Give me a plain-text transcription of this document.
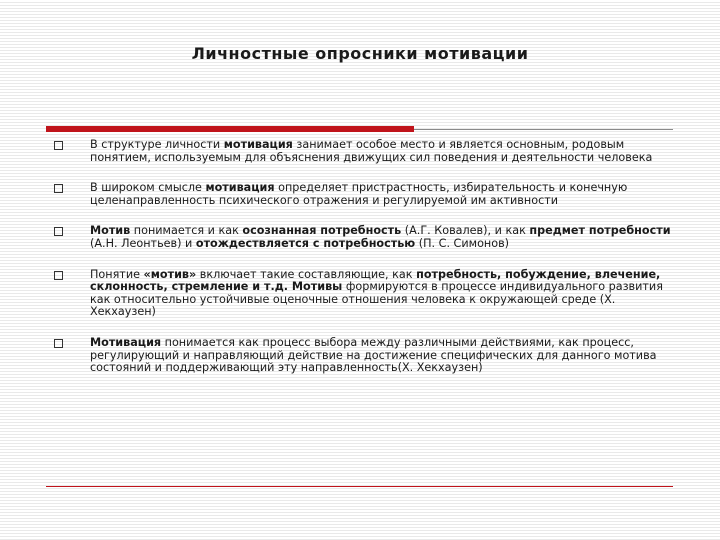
Личностные опросники мотивации
В структуре личности мотивация занимает особое место и является основным, родовым понятием, используемым для объяснения движущих сил поведения и деятельности человека
В широком смысле мотивация определяет пристрастность, избирательность и конечную целенаправленность психического отражения и регулируемой им активности
Мотив понимается и как осознанная потребность (А.Г. Ковалев), и как предмет потребности (А.Н. Леонтьев) и отождествляется с потребностью (П. С. Симонов)
Понятие «мотив» включает такие составляющие, как потребность, побуждение, влечение, склонность, стремление и т.д. Мотивы формируются в процессе индивидуального развития как относительно устойчивые оценочные отношения человека к окружающей среде (Х. Хекхаузен)
Мотивация понимается как процесс выбора между различными действиями, как процесс, регулирующий и направляющий действие на достижение специфических для данного мотива состояний и поддерживающий эту направленность(Х. Хекхаузен)
